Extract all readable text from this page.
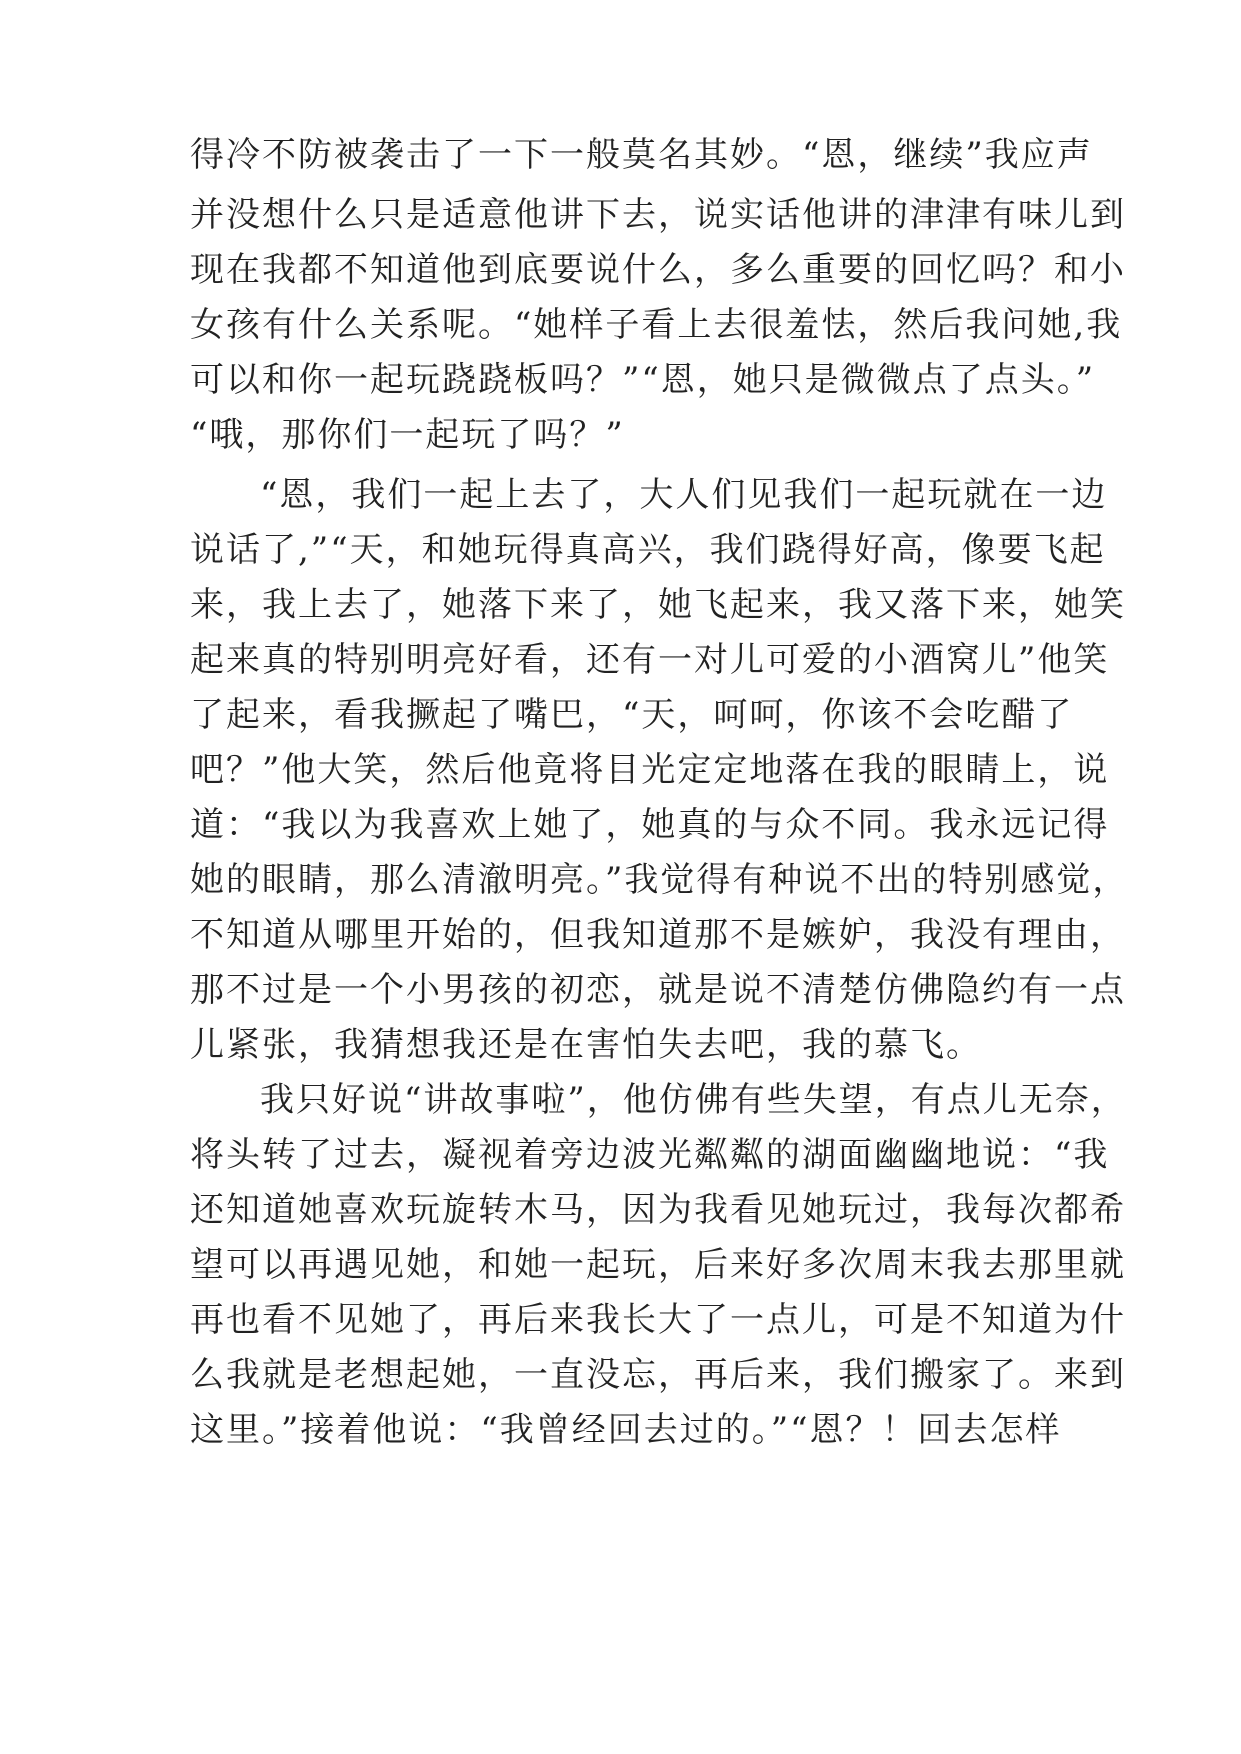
得冷不防被袭击了一下一般莫名其妙。“恩，继续”我应声
并没想什么只是适意他讲下去，说实话他讲的津津有味儿到
现在我都不知道他到底要说什么，多么重要的回忆吗？和小
女孩有什么关系呢。“她样子看上去很羞怯，然后我问她,我
可以和你一起玩跷跷板吗？”“恩，她只是微微点了点头。”
“哦，那你们一起玩了吗？”
“恩，我们一起上去了，大人们见我们一起玩就在一边
说话了,”“天，和她玩得真高兴，我们跷得好高，像要飞起
来，我上去了，她落下来了，她飞起来，我又落下来，她笑
起来真的特别明亮好看，还有一对儿可爱的小酒窝儿”他笑
了起来，看我撅起了嘴巴，“天，呵呵，你该不会吃醋了
吧？”他大笑，然后他竟将目光定定地落在我的眼睛上，说
道：“我以为我喜欢上她了，她真的与众不同。我永远记得
她的眼睛，那么清澈明亮。”我觉得有种说不出的特别感觉，
不知道从哪里开始的，但我知道那不是嫉妒，我没有理由，
那不过是一个小男孩的初恋，就是说不清楚仿佛隐约有一点
儿紧张，我猜想我还是在害怕失去吧，我的慕飞。
我只好说“讲故事啦”，他仿佛有些失望，有点儿无奈，
将头转了过去，凝视着旁边波光粼粼的湖面幽幽地说：“我
还知道她喜欢玩旋转木马，因为我看见她玩过，我每次都希
望可以再遇见她，和她一起玩，后来好多次周末我去那里就
再也看不见她了，再后来我长大了一点儿，可是不知道为什
么我就是老想起她，一直没忘，再后来，我们搬家了。来到
这里。”接着他说：“我曾经回去过的。”“恩？！回去怎样
